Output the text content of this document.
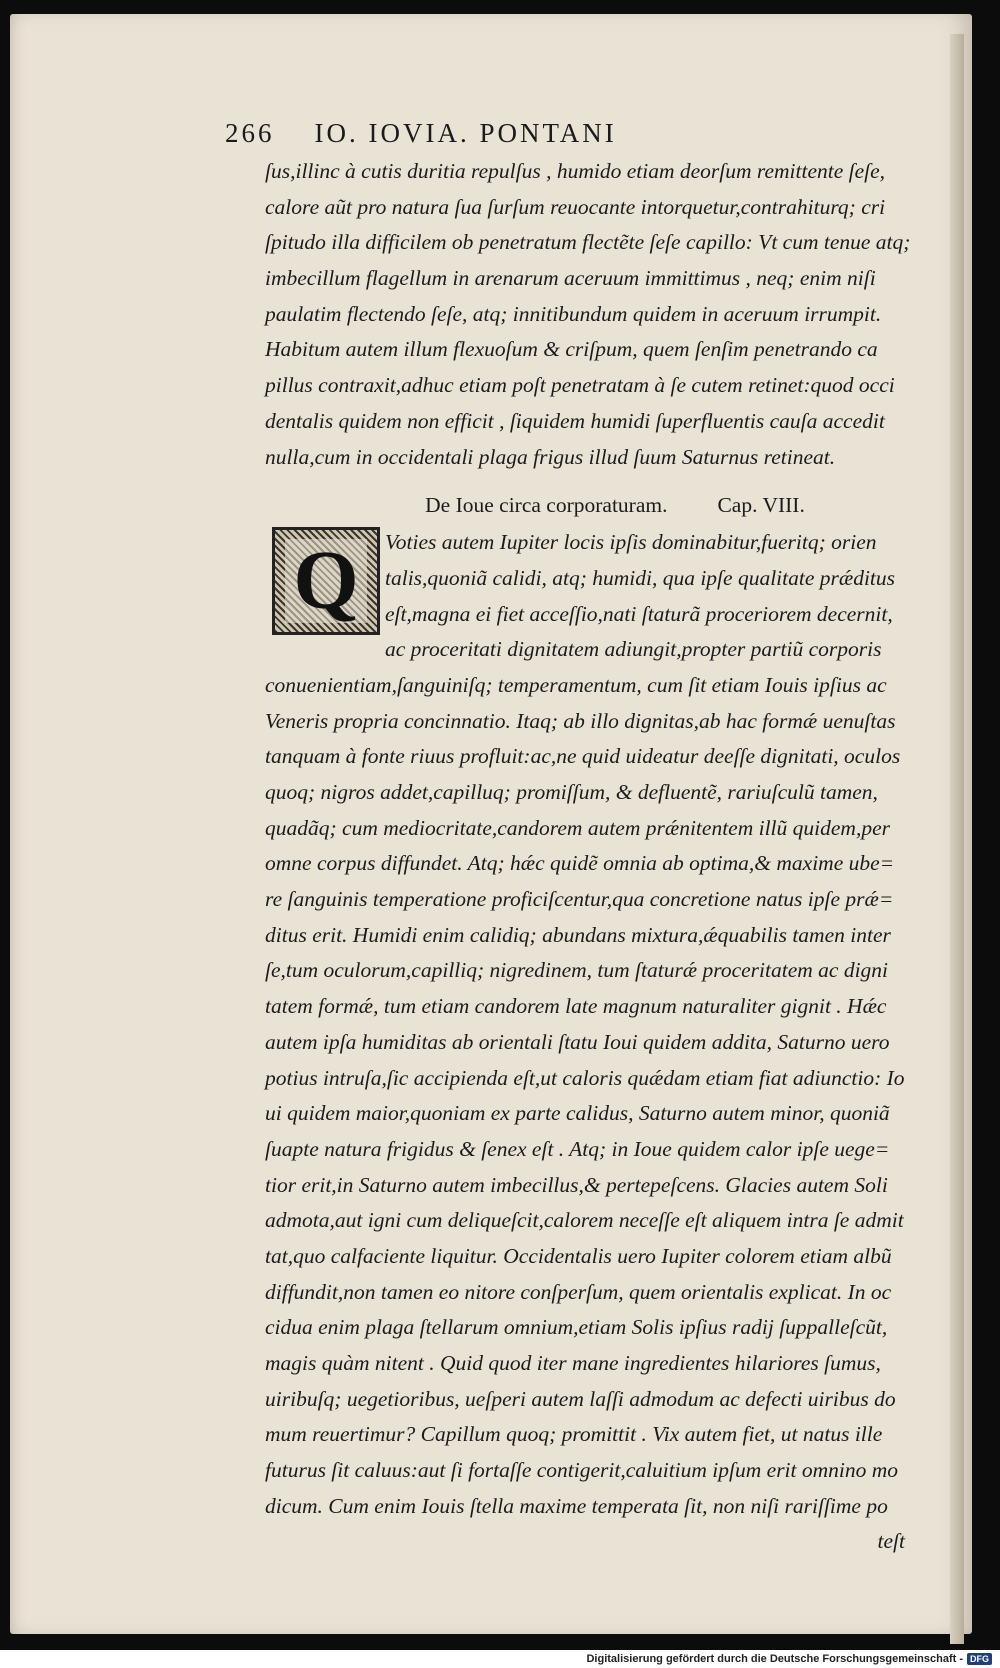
266 IO. IOVIA. PONTANI
ſus,illinc à cutis duritia repulſus , humido etiam deorſum remittente ſeſe,
calore aũt pro natura ſua ſurſum reuocante intorquetur,contrahiturq; cri
ſpitudo illa difficilem ob penetratum flectẽte ſeſe capillo: Vt cum tenue atq;
imbecillum flagellum in arenarum aceruum immittimus , neq; enim niſi
paulatim flectendo ſeſe, atq; innitibundum quidem in aceruum irrumpit.
Habitum autem illum flexuoſum & criſpum, quem ſenſim penetrando ca
pillus contraxit,adhuc etiam poſt penetratam à ſe cutem retinet:quod occi
dentalis quidem non efficit , ſiquidem humidi ſuperfluentis cauſa accedit
nulla,cum in occidentali plaga frigus illud ſuum Saturnus retineat.
De Ioue circa corporaturam. Cap. VIII.
Q	Voties autem Iupiter locis ipſis dominabitur,fueritq; orien
talis,quoniã calidi, atq; humidi, qua ipſe qualitate prǽditus
eſt,magna ei fiet acceſſio,nati ſtaturã proceriorem decernit,
ac proceritati dignitatem adiungit,propter partiũ corporis
conuenientiam,ſanguiniſq; temperamentum, cum ſit etiam Iouis ipſius ac
Veneris propria concinnatio. Itaq; ab illo dignitas,ab hac formǽ uenuſtas
tanquam à fonte riuus profluit:ac,ne quid uideatur deeſſe dignitati, oculos
quoq; nigros addet,capilluq; promiſſum, & defluentẽ, rariuſculũ tamen,
quadãq; cum mediocritate,candorem autem prǽnitentem illũ quidem,per
omne corpus diffundet. Atq; hǽc quidẽ omnia ab optima,& maxime ube=
re ſanguinis temperatione proficiſcentur,qua concretione natus ipſe prǽ=
ditus erit. Humidi enim calidiq; abundans mixtura,ǽquabilis tamen inter
ſe,tum oculorum,capilliq; nigredinem, tum ſtaturǽ proceritatem ac digni
tatem formǽ, tum etiam candorem late magnum naturaliter gignit . Hǽc
autem ipſa humiditas ab orientali ſtatu Ioui quidem addita, Saturno uero
potius intruſa,ſic accipienda eſt,ut caloris quǽdam etiam fiat adiunctio: Io
ui quidem maior,quoniam ex parte calidus, Saturno autem minor, quoniã
ſuapte natura frigidus & ſenex eſt . Atq; in Ioue quidem calor ipſe uege=
tior erit,in Saturno autem imbecillus,& pertepeſcens. Glacies autem Soli
admota,aut igni cum deliqueſcit,calorem neceſſe eſt aliquem intra ſe admit
tat,quo calfaciente liquitur. Occidentalis uero Iupiter colorem etiam albũ
diffundit,non tamen eo nitore conſperſum, quem orientalis explicat. In oc
cidua enim plaga ſtellarum omnium,etiam Solis ipſius radij ſuppalleſcũt,
magis quàm nitent . Quid quod iter mane ingredientes hilariores ſumus,
uiribuſq; uegetioribus, ueſperi autem laſſi admodum ac defecti uiribus do
mum reuertimur? Capillum quoq; promittit . Vix autem fiet, ut natus ille
futurus ſit caluus:aut ſi fortaſſe contigerit,caluitium ipſum erit omnino mo
dicum. Cum enim Iouis ſtella maxime temperata ſit, non niſi rariſſime po
teſt
Digitalisierung gefördert durch die Deutsche Forschungsgemeinschaft - DFG
